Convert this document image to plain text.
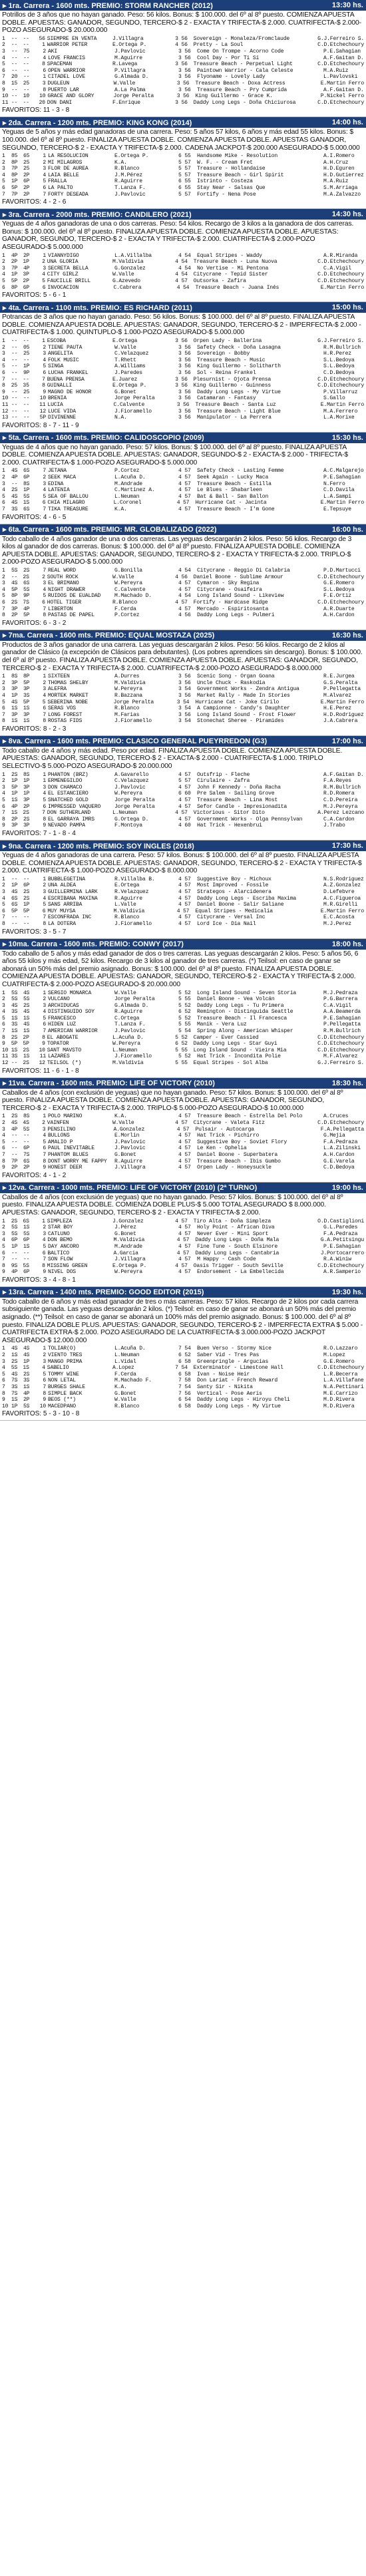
▸ 1ra. Carrera - 1600 mts. PREMIO: STORM RANCHER (2012)	13:30 hs.
Potrillos de 3 años que no hayan ganado. Peso: 56 kilos. Bonus: $ 100.000. del 6º al 8º puesto. COMIENZA APUESTA DOBLE. APUESTAS: GANADOR, SEGUNDO, TERCERO-$ 2 - EXACTA Y TRIFECTA-$ 2.000. CUATRIFECTA-$ 2.000-POZO ASEGURADO-$ 20.000.000
1	--	--	56 SIEMPRE EN VENTA	J.Villagra	3 56	Sovereign - Monaleza/Fromclaude	G.J.Ferreiro S.
2	--	--	1 WARRIOR PETER	E.Ortega P.	4 56	Pretty - La Soul	C.D.Etchechoury
3	--	75	2 AKI	J.Pavlovic	3 56	Come On Trompe - Acorno Code	P.E.Sahagian
4	--	--	4 LOVE FRANCIS	M.Aguirre	3 56	Cool Day - Por Ti Sí	A.F.Gaitan D.
5	--	--	8 SPACEMAN	R.Lavega	3 56	Treasure Beach - Perpetual Light	C.D.Etchechoury
6	--	--	6 OPEN WARRIOR	P.Villagra	3 56	Paintown Warrior - Cala Celeste	M.A.Ruiz
7	20	--	1 CITADEL LOVE	G.Almada D.	3 56	Flyoname - Lovely Lady	L.Pavlovski
8	15	25	3 DUGLEUN	W.Valle	3 56	Treasure Beach - Doxa Actress	E.Martin Ferro
9	--	--	8 PUERTO LAR	A.La Palma	3 56	Treasure Beach - Pry Cumprida	A.F.Gaitan D.
10 --	10	10 GRACE AND GLORY	Jorge Peralta	3 56	King Guillermo - Grace K.	P.Nickel Ferro
11 --	--	20 DON DANI	F.Enrique	3 56	Daddy Long Legs - Doña Chiciurosa	C.D.Etchechoury
FAVORITOS: 11 - 3 - 8
▸ 2da. Carrera - 1200 mts. PREMIO: KING KONG (2014)	14:00 hs.
Yeguas de 5 años y más edad ganadoras de una carrera. Peso: 5 años 57 kilos, 6 años y más edad 55 kilos. Bonus: $ 100.000. del 6º al 8º puesto. FINALIZA APUESTA DOBLE. COMIENZA APUESTA DOBLE. APUESTAS GANADOR, SEGUNDO, TERCERO-$ 2 - EXACTA Y TRIFECTA-$ 2.000. CADENA JACKPOT-$ 200.000 ASEGURADO-$ 5.000.000
1	85	65	1 LA RESOLUCION	E.Ortega P.	6 55	Handsome Mike - Resolution	A.I.Romero
2	8P	25	2 MI MILAGROS	K.A.	5 57	W. F. - Cream Fret	A.H.Cruz
3	7P	25	3 FLOR DE AUREA	R.Blanco	5 57	Treasure - Hollandaise	H.D.Eguren
4	8P	2P	4 LAIA BELLE	J.M.Pérez	5 57	Treasure Beach - Girl Spirit	H.D.Gutierrez
5	1P	6P	5 FRALLA	R.Aguirre	6 55	Istrinto - Costeza	M.A.Ruiz
6	5P	2P	6 LA PALTO	T.Lanza F.	6 55	Stay Near - Salsas Que	S.M.Arriaga
7	7P	2P	7 FORTY DESEADA	J.Pavlovic	5 57	Fortify - Nena Pose	M.A.Zalvazzo
FAVORITOS: 4 - 2 - 6
▸ 3ra. Carrera - 2000 mts. PREMIO: CANDILERO (2021)	14:30 hs.
Yeguas de 4 años ganadoras de una o dos carreras. Peso: 54 kilos. Recargo de 3 kilos a la ganadora de dos carreras. Bonus: $ 100.000. del 6º al 8º puesto. FINALIZA APUESTA DOBLE. COMIENZA APUESTA DOBLE. APUESTAS: GANADOR, SEGUNDO, TERCERO-$ 2 - EXACTA Y TRIFECTA-$ 2.000. CUATRIFECTA-$ 2.000-POZO ASEGURADO-$ 5.000.000
1	4P	2P	1 VIANNYDIGO	L.A.Villalba	4 54	Equal Stripes - Waddy	A.R.Miranda
2	2P	1P	2 UNA GLORIA	M.Valdivia	4 54	Treasure Beach - Luna Nuova	C.D.Etchechoury
3	7P	4P	3 SECRETA BELLA	G.Gonzalez	4 54	No Vertise - Mi Pentona	C.A.Vigil
4	1P	3P	4 CITY GIRLZ	W.Valle	4 54	Citycrane - Tepid Sister	C.D.Etchechoury
5	5P	2P	5 FAUCILLE BRILL	G.Azevedo	4 57	Outsorka - Zafira	C.D.Etchechoury
6	8P	6P	6 INVOCACION	C.Cabrera	4 54	Treasure Beach - Juana Inés	E.Martin Ferro
FAVORITOS: 5 - 6 - 1
▸ 4ta. Carrera - 1100 mts. PREMIO: ES RICHARD (2011)	15:00 hs.
Potrancas de 3 años que no hayan ganado. Peso: 56 kilos. Bonus: $ 100.000. del 6º al 8º puesto. FINALIZA APUESTA DOBLE. COMIENZA APUESTA DOBLE. APUESTAS: GANADOR, SEGUNDO, TERCERO-$ 2 - IMPERFECTA-$ 2.000 - CUATRIFECTA-$ 1.000. QUINTUPLO-$ 1.000-POZO ASEGURADO-$ 5.000.000
1	--	--	1 ESCOBA	E.Ortega	3 56	Orpen Lady - Ballerina	G.J.Ferreiro S.
2	--	05	2 TIENE PAUTA	W.Valle	3 56	Safety Check - Doña Lasagna	R.M.Bullrich
3	--	25	3 ANGELITA	C.Velazquez	3 56	Sovereign - Bobby	H.R.Perez
4	--	--	4 FOLK MUSIC	T.Rhett	3 56	Treasure Beach - Music	S.L.Bedoya
5	--	1P	5 SINGA	A.Williams	3 56	King Guillermo - Solitharth	S.L.Bedoya
6	--	9P	6 LUCHA FRANKEL	J.Paredes	3 56	Sol - Reina Frankel	C.D.Bedoya
7	--	--	7 BUENA PRENSA	E.Juarez	3 56	Plesurnist - Ojota Prensa	C.D.Etchechoury
8	25	35	8 GUINALLI	E.Ortega P.	3 56	King Guillermo - Guinness	C.D.Etchechoury
9	--	25	9 MAGNO DE HONOR	G.Bonet	3 56	Daddy Long Legs - My Virtue	P.Villarruz
10 --	--	10 BRENIA	Jorge Peralta	3 56	Catamaran - Fantasy	S.Gallo
11 --	--	11 LUCIA	C.Calvente	3 56	Treasure Beach - Santa Luz	E.Martin Ferro
12 --	--	12 LUCE VIDA	J.Fioramello	3 56	Treasure Beach - Light Blue	M.A.Ferrero
13 --	--	5P DIVINENNE	N.A.	3 56	Manipulator - La Perrera	L.A.Morixe
FAVORITOS: 8 - 7 - 11 - 9
▸ 5ta. Carrera - 1600 mts. PREMIO: CALIDOSCOPIO (2009)	15:30 hs.
Yeguas de 4 años que no hayan ganado. Peso: 57 kilos. Bonus: $ 100.000. del 6º al 8º puesto. FINALIZA APUESTA DOBLE. COMIENZA APUESTA DOBLE. APUESTAS: GANADOR, SEGUNDO-$ 2 - EXACTA-$ 2.000 - TRIFECTA-$ 2.000. CUATRIFECTA-$ 1.000-POZO ASEGURADO-$ 5.000.000
1	4S	6S	7 JETANA	P.Cortez	4 57	Safety Check - Lasting Femme	A.C.Malgarejo
2	4P	6P	2 SEEK MACA	L.Acuña D.	4 57	Seek Again - Lucky Maca	P.E.Sahagian
3	--	8S	3 EDINA	M.Andrade	4 57	Treasure Beach - Estilla	N.Ferro
4	2S	1P	4 LATENIA	C.Martinez A.	4 57	Le Blues - Shabarleen	C.D.Davila
5	4S	5S	5 SEA OF BALLOU	L.Neuman	4 57	Bat & Ball - San Ballon	L.A.Sampi
6	4S	1S	6 CHIA MILAGRO	L.Coronel	4 57	Hurricane Cat - Jacinta	E.Martin Ferro
7	3S	6S	7 TIKA TREASURE	K.A.	4 57	Treasure Beach - I'm Gone	E.Tepsuye
FAVORITOS: 4 - 6 - 5
▸ 6ta. Carrera - 1600 mts. PREMIO: MR. GLOBALIZADO (2022)	16:00 hs.
Todo caballo de 4 años ganador de una o dos carreras. Las yeguas descargarán 2 kilos. Peso: 56 kilos. Recargo de 3 kilos al ganador de dos carreras. Bonus: $ 100.000. del 6º al 8º puesto. FINALIZA APUESTA DOBLE. COMIENZA APUESTA DOBLE. APUESTAS: GANADOR, SEGUNDO, TERCERO-$ 2 - EXACTA Y TRIFECTA-$ 2.000. TRIPLO-$ 2.000-POZO ASEGURADO-$ 5.000.000
1	5S	2S	7 REAL WORD	G.Bonilla	4 54	Citycrane - Reggio Di Calabria	P.D.Martucci
2	--	2S	2 SOUTH ROCK	W.Valle	4 56	Daniel Boone - Sublime Armour	C.D.Etchechoury
3	4S	6S	3 EL BRIMANO	W.Pereyra	4 57	Cymaron - Sky Regina	G.E.Romero
4	5P	5S	4 NIGHT DRAWER	C.Calvente	4 57	Citycrane - Osaifeira	S.L.Bedoya
5	8P	9P	5 RUIDOS DE EUALDAD	M.Machado D.	4 54	Long Island Sound - Likeview	F.E.Ortiz
6	2S	7S	6 HOTEL TIGER	R.Blanco	4 57	Fortify - Hardcase Ridge	C.D.Etchechoury
7	3P	4P	7 LIBERTON	F.Cerda	4 57	Mercado - Espiritosanta	A.R.Duarte
8	2P	5P	8 PASTAS DE PAPEL	P.Cortez	4 56	Daddy Long Legs - Pulmeri	A.H.Cardon
FAVORITOS: 6 - 3 - 2
▸ 7ma. Carrera - 1600 mts. PREMIO: EQUAL MOSTAZA (2025)	16:30 hs.
Productos de 3 años ganador de una carrera. Las yeguas descargarán 2 kilos. Peso: 56 kilos. Recargo de 2 kilos al ganador de Clásico (a excepción de Clásicos para debutantes). (Los pobres aprendices sin descargo). Bonus: $ 100.000. del 6º al 8º puesto. FINALIZA APUESTA DOBLE. COMIENZA APUESTA DOBLE. APUESTAS: GANADOR, SEGUNDO, TERCERO-$ 2 - EXACTA Y TRIFECTA-$ 2.000. CUATRIFECTA-$ 2.000-POZO ASEGURADO-$ 8.000.000
1	8S	8P	1 SIXTEEN	A.Durres	3 56	Scenic Song - Organ Goana	R.E.Jurgea
2	3P	5P	2 THOMAS SHELBY	M.Valdivia	3 56	Uncle Chuck - Raskodia	G.S.Peralta
3	3P	3P	3 ALEFRA	W.Pereyra	3 54	Government Works - Zendra Antigua	P.Pellegatta
4	1P	3S	4 MORTEK MARKET	R.Bazzana	3 56	Market Rally - Made In Stories	M.Alvarez
5	4S	5P	5 SEBERINA NOBE	Jorge Peralta	3 54	Hurricane Cat - Joke Cirilo	E.Martin Ferro
6	1S	1S	6 SERAS VOS	R.Blanco	3 54	A Campionne - Candy's Daughter	H.E.Perez
7	3P	3P	7 LONG FOREST	M.Farias	3 56	Long Island Sound - Frost Flower	H.D.Rodriguez
8	1S	1S	8 ROSTAS FIDS	J.Fioramello	3 54	Stonechat Sheree - Piramides	J.A.Cabrera
FAVORITOS: 8 - 2 - 3
▸ 8va. Carrera - 1600 mts. PREMIO: CLASICO GENERAL PUEYRREDON (G3)	17:00 hs.
Todo caballo de 4 años y más edad. Peso por edad. FINALIZA APUESTA DOBLE. COMIENZA APUESTA DOBLE. APUESTAS: GANADOR, SEGUNDO, TERCERO-$ 2 - EXACTA-$ 2.000 - CUATRIFECTA-$ 1.000. TRIPLO SELECTIVO-$ 5.000-POZO ASEGURADO-$ 20.000.000
1	2S	8S	1 PHANTON (BRZ)	A.Gavarello	4 57	Outsfrip - Fleche	A.F.Gaitan D.
2	1P	1P	1 ERMENEGILDO	C.Velazquez	5 57	Cirulaire - Zafra	F.A.Reyes
3	5P	3P	3 DON CHAMACO	J.Pavlovic	4 57	John F Kennedy - Doña Racha	R.M.Bullrich
4	1P	1P	4 EL ESTANCIERO	W.Pereyra	6 60	Pre Salem - Sailing Grove	R.D.Romera
5	1S	3P	5 SNATCHED GOLD	Jorge Peralta	4 57	Treasure Beach - Lina Most	C.D.Pereira
6	4P	2P	6 IMPRESSED VAQUERO	Jorge Peralta	4 57	Sefor Candle - Impresionadita	M.J.Pereyra
7	1S	2S	7 DON SUTHERLAND	L.Neuman	4 57	Victorious - Sitor Dito	A.Perez Lezcano
8	2P	2S	8 EL GARRAYA IMRS	G.Ortega D.	4 57	Government Works - Olga Pennsylvan	C.A.Cardon
9	3P	3P	9 NEVADO PAMPA	F.Montoya	4 60	Hat Trick - Hexenbrui	J.Trabo
FAVORITOS: 7 - 1 - 8 - 4
▸ 9na. Carrera - 1200 mts. PREMIO: SOY INGLES (2018)	17:30 hs.
Yeguas de 4 años ganadoras de una carrera. Peso: 57 kilos. Bonus: $ 100.000. del 6º al 8º puesto. FINALIZA APUESTA DOBLE. COMIENZA APUESTA DOBLE. APUESTAS: GANADOR, SEGUNDO, TERCERO-$ 2 - EXACTA Y TRIFECTA-$ 2.000. CUATRIFECTA-$ 1.000-POZO ASEGURADO-$ 8.000.000
1	--	--	1 BUBBLEGETINA	R.Villalba B.	4 57	Suggestive Boy - Michoux	N.S.Rodriguez
2	1P	6P	2 UNA ALDEA	E.Ortega	4 57	Most Improved - Fossile	A.Z.Gonzalez
3	4S	2S	3 GUILLERMINA LARK	R.Velazquez	4 57	Strategos - Alarcidenera	D.Lefebvre
4	6S	2S	4 ESCRIBANA MAXINA	R.Aguirre	4 57	Daddy Long Legs - Escriba Maxima	A.C.Figueroa
5	6S	1P	5 SANS ARRIBA	L.Valle	4 57	Daniel Boone - Salir Saliane	M.R.Girelli
6	5P	5P	6 MUY MUYSA	M.Valdivia	4 57	Equal Stripes - Medicalia	E.Martin Ferro
7	--	--	7 ESCONFRADA INC	R.Blanco	4 57	Citycrane - Versal Inc	E.C.Acosta
8	--	--	8 LA DOTERA	J.Fioramello	4 57	Lord Ice - Dia Nail	M.J.Perez
FAVORITOS: 3 - 5 - 7
▸ 10ma. Carrera - 1600 mts. PREMIO: CONWY (2017)	18:00 hs.
Todo caballo de 5 años y más edad ganador de dos o tres carreras. Las yeguas descargarán 2 kilos. Peso: 5 años 56, 6 años 55 kilos y más edad, 52 kilos. Recargo de 3 kilos al ganador de tres carreras. (*) Teilsol: en caso de ganar se abonará un 50% más del premio asignado. Bonus: $ 100.000. del 6º al 8º puesto. FINALIZA APUESTA DOBLE. COMIENZA APUESTA DOBLE. APUESTAS: GANADOR, SEGUNDO, TERCERO-$ 2 - EXACTA Y TRIFECTA-$ 2.000. CUATRIFECTA-$ 2.000-POZO ASEGURADO-$ 20.000.000
1	5S	4S	1 SERGIO MONARCA	W.Valle	5 52	Long Island Sound - Seven Storia	M.J.Pedraza
2	5S	5S	2 VULCANO	Jorge Peralta	5 55	Daniel Boone - Vea Volcán	P.G.Barrera
3	4S	2S	3 ARCHIDUCAS	G.Almada D.	5 52	Daddy Long Legs - Tu Primera	C.A.Vigil
4	3S	4S	4 DISTINGUIDO SOY	R.Aguirre	6 52	Remington - Distinguida Seattle	A.A.Beamerda
5	1S	1S	5 FRANCESCO	C.Ortega	5 52	Treasure Beach - Il Francesca	P.E.Sahagian
6	3S	4S	6 HIDEN LUZ	T.Lanza F.	5 55	Manik - Vera Luz	P.Pellegatta
7	1S	1S	7 AMERICAN WARRIOR	J.Pavlovic	5 54	Spring Along - American Whisper	R.M.Bullrich
8	2S	2P	8 EL ABOGATE	L.Acuña D.	5 52	Camper - Ever Cassied	C.D.Etchechoury
9	5P	5P	9 TOPATOR	W.Pereyra	6 52	Daddy Long Legs - Star Guyi	C.D.Etchechoury
10 1S	2S	10 SANT MAVSTO	L.Neuman	5 55	Long Island Sound - Vieira Mia	C.D.Etchechoury
11 3S	1S	11 LAZARES	J.Fioramello	5 52	Hat Trick - Incondita Polie	M.F.Alvarez
12 --	2S	12 TEILSOL (*)	M.Valdivia	5 55	Equal Stripes - Sol Alba	G.J.Ferreiro S.
FAVORITOS: 11 - 6 - 1 - 8
▸ 11va. Carrera - 1600 mts. PREMIO: LIFE OF VICTORY (2010)	18:30 hs.
Caballos de 4 años (con exclusión de yeguas) que no hayan ganado. Peso: 57 kilos. Bonus: $ 100.000. del 6º al 8º puesto. FINALIZA APUESTA DOBLE. COMIENZA APUESTA DOBLE. APUESTAS: GANADOR, SEGUNDO, TERCERO-$ 2 - EXACTA Y TRIFECTA-$ 2.000. TRIPLO-$ 5.000-POZO ASEGURADO-$ 10.000.000
1	2S	8S	1 POLO MARINO	K.A.	4 57	Treasure Beach - Estrella Del Polo	A.Cruces
2	4S	4S	2 VAINFEN	W.Valle	4 57	Citycrane - Valeta Fitz	C.D.Etchechoury
3	4P	5S	3 PENSILINO	A.Gonzalez	4 57	Pulsair - Autocarga	F.A.Pellegatta
4	--	--	4 BULLONS	E.Morlin	4 57	Hat Trick - Pichirro	G.Mejia
5	--	--	5 AMALIO P	J.Pavlovic	4 57	Suggestive Boy - Soviet Flory	F.A.Pedraza
6	--	6P	6 PAUL INEVITABLE	J.Pavlovic	4 57	Le Ken - Ophelia	L.A.Zilinski
7	--	7S	7 PHANTOM BLUES	G.Bonet	4 57	Daniel Boone - Superbatera	A.H.Cardon
8	7P	6S	8 DONT WORRY ME FAPPY	R.Aguirre	4 57	Treasure Beach - Ibis Gumbo	G.E.Varela
9	2P	2P	9 HONEST DEER	J.Villagra	4 57	Orpen Lady - Honeysuckle	C.D.Bedoya
FAVORITOS: 4 - 1 - 2
▸ 12va. Carrera - 1000 mts. PREMIO: LIFE OF VICTORY (2010) (2ª TURNO)	19:00 hs.
Caballos de 4 años (con exclusión de yeguas) que no hayan ganado. Peso: 57 kilos. Bonus: $ 100.000. del 6º al 8º puesto. FINALIZA APUESTA DOBLE. COMIENZA DOBLE PLUS-$ 5.000 TOTAL ASEGURADO $ 8.000.000. APUESTAS: GANADOR, SEGUNDO, TERCERO-$ 2 - EXACTA Y TRIFECTA-$ 2.000.
1	2S	6S	1 SIMPLEZA	J.Gonzalez	4 57	Tiro Alta - Doña Simpleza	O.D.Castiglioni
2	5S	1S	2 STAR BOY	J.Pérez	4 57	Holy Point - African Diva	G.L.Paredes
3	5S	5S	3 CATLUNO	G.Bonet	4 57	Never Ever - Mini Sport	F.A.Pedraza
4	6P	6P	4 DON BEMO	M.Valdivia	4 57	Daddy Long Legs - Doña Mala	G.A.Petitsingu
5	1P	1S	5 DAY ANCORO	M.Andrade	4 57	Fine Tune - South Elsinore	P.E.Sahagian
6	--	--	6 BALTICO	A.Garcia	4 57	Daddy Long Legs - Cantabria	J.Portocarrero
7	--	--	7 SON FLOW	J.Villagra	4 57	M Happy - Cash Code	R.A.Winiw
8	9S	5S	8 MISSING GREEN	E.Ortega P.	4 57	Oasis Trigger - South Seville	C.D.Etchechoury
9	4P	6P	9 NIVEL DOS	W.Pereyra	4 57	Endorsement - La Embellecida	A.R.Samperio
FAVORITOS: 3 - 4 - 8 - 1
▸ 13ra. Carrera - 1400 mts. PREMIO: GOOD EDITOR (2015)	19:30 hs.
Todo caballo de 6 años y más edad ganador de tres o más carreras. Peso: 57 kilos. Recargo de 2 kilos por cada carrera subsiguiente ganada. Las yeguas descargarán 2 kilos. (*) Teilsol: en caso de ganar se abonará un 50% más del premio asignado. (**) Teilsol: en caso de ganar se abonará un 100% más del premio asignado. Bonus: $ 100.000. del 6º al 8º puesto. FINALIZA DOBLE PLUS. APUESTAS: GANADOR, SEGUNDO, TERCERO-$ 2 - IMPERFECTA EXTRA $ 5.000 - CUATRIFECTA EXTRA-$ 2.000. POZO ASEGURADO DE LA CUATRIFECTA-$ 3.000.000-POZO JACKPOT ASEGURADO-$ 12.000.000
1	4S	4S	1 TOLIAR(O)	L.Acuña D.	7 54	Buen Verso - Stormy Nice	R.O.Lazzaro
2	1S	4S	2 VIENTO TRES	L.Neuman	6 52	Saber Vid - Tres Pas	M.Lopez
3	2S	1P	3 MANGO PRIMA	L.Vidal	6 58	Greenpringle - Argucias	G.E.Romero
4	5S	1S	4 SABELIO	A.Lopez	7 54	Exterminator - Limestone Hall	C.D.Etchechoury
5	4S	2S	5 TOMMY WINE	F.Cerda	6 58	Ivan - Noise Heir	L.R.Becerra
6	7S	3S	6 NON LETAL	M.Machado F.	7 58	Don Lariat - French Reward	L.A.Villafane
7	3S	1S	7 BURGES SHALE	K.A.	7 54	Santy Sir - Nikita	N.A.Pettinari
8	7S	4P	8 SIMPLE BACK	G.Bonet	7 56	Vertical - Pose Aeris	M.E.Carrizo
9	1S	2P	9 BEOS (**)	W.Valle	6 54	Daddy Long Legs - Hiroyu Cheli	M.D.Rivera
10 1P	5S	10 MACEDPANO	R.Blanco	6 58	Daddy Long Legs - My Virtue	M.D.Rivera
FAVORITOS: 5 - 3 - 10 - 8
